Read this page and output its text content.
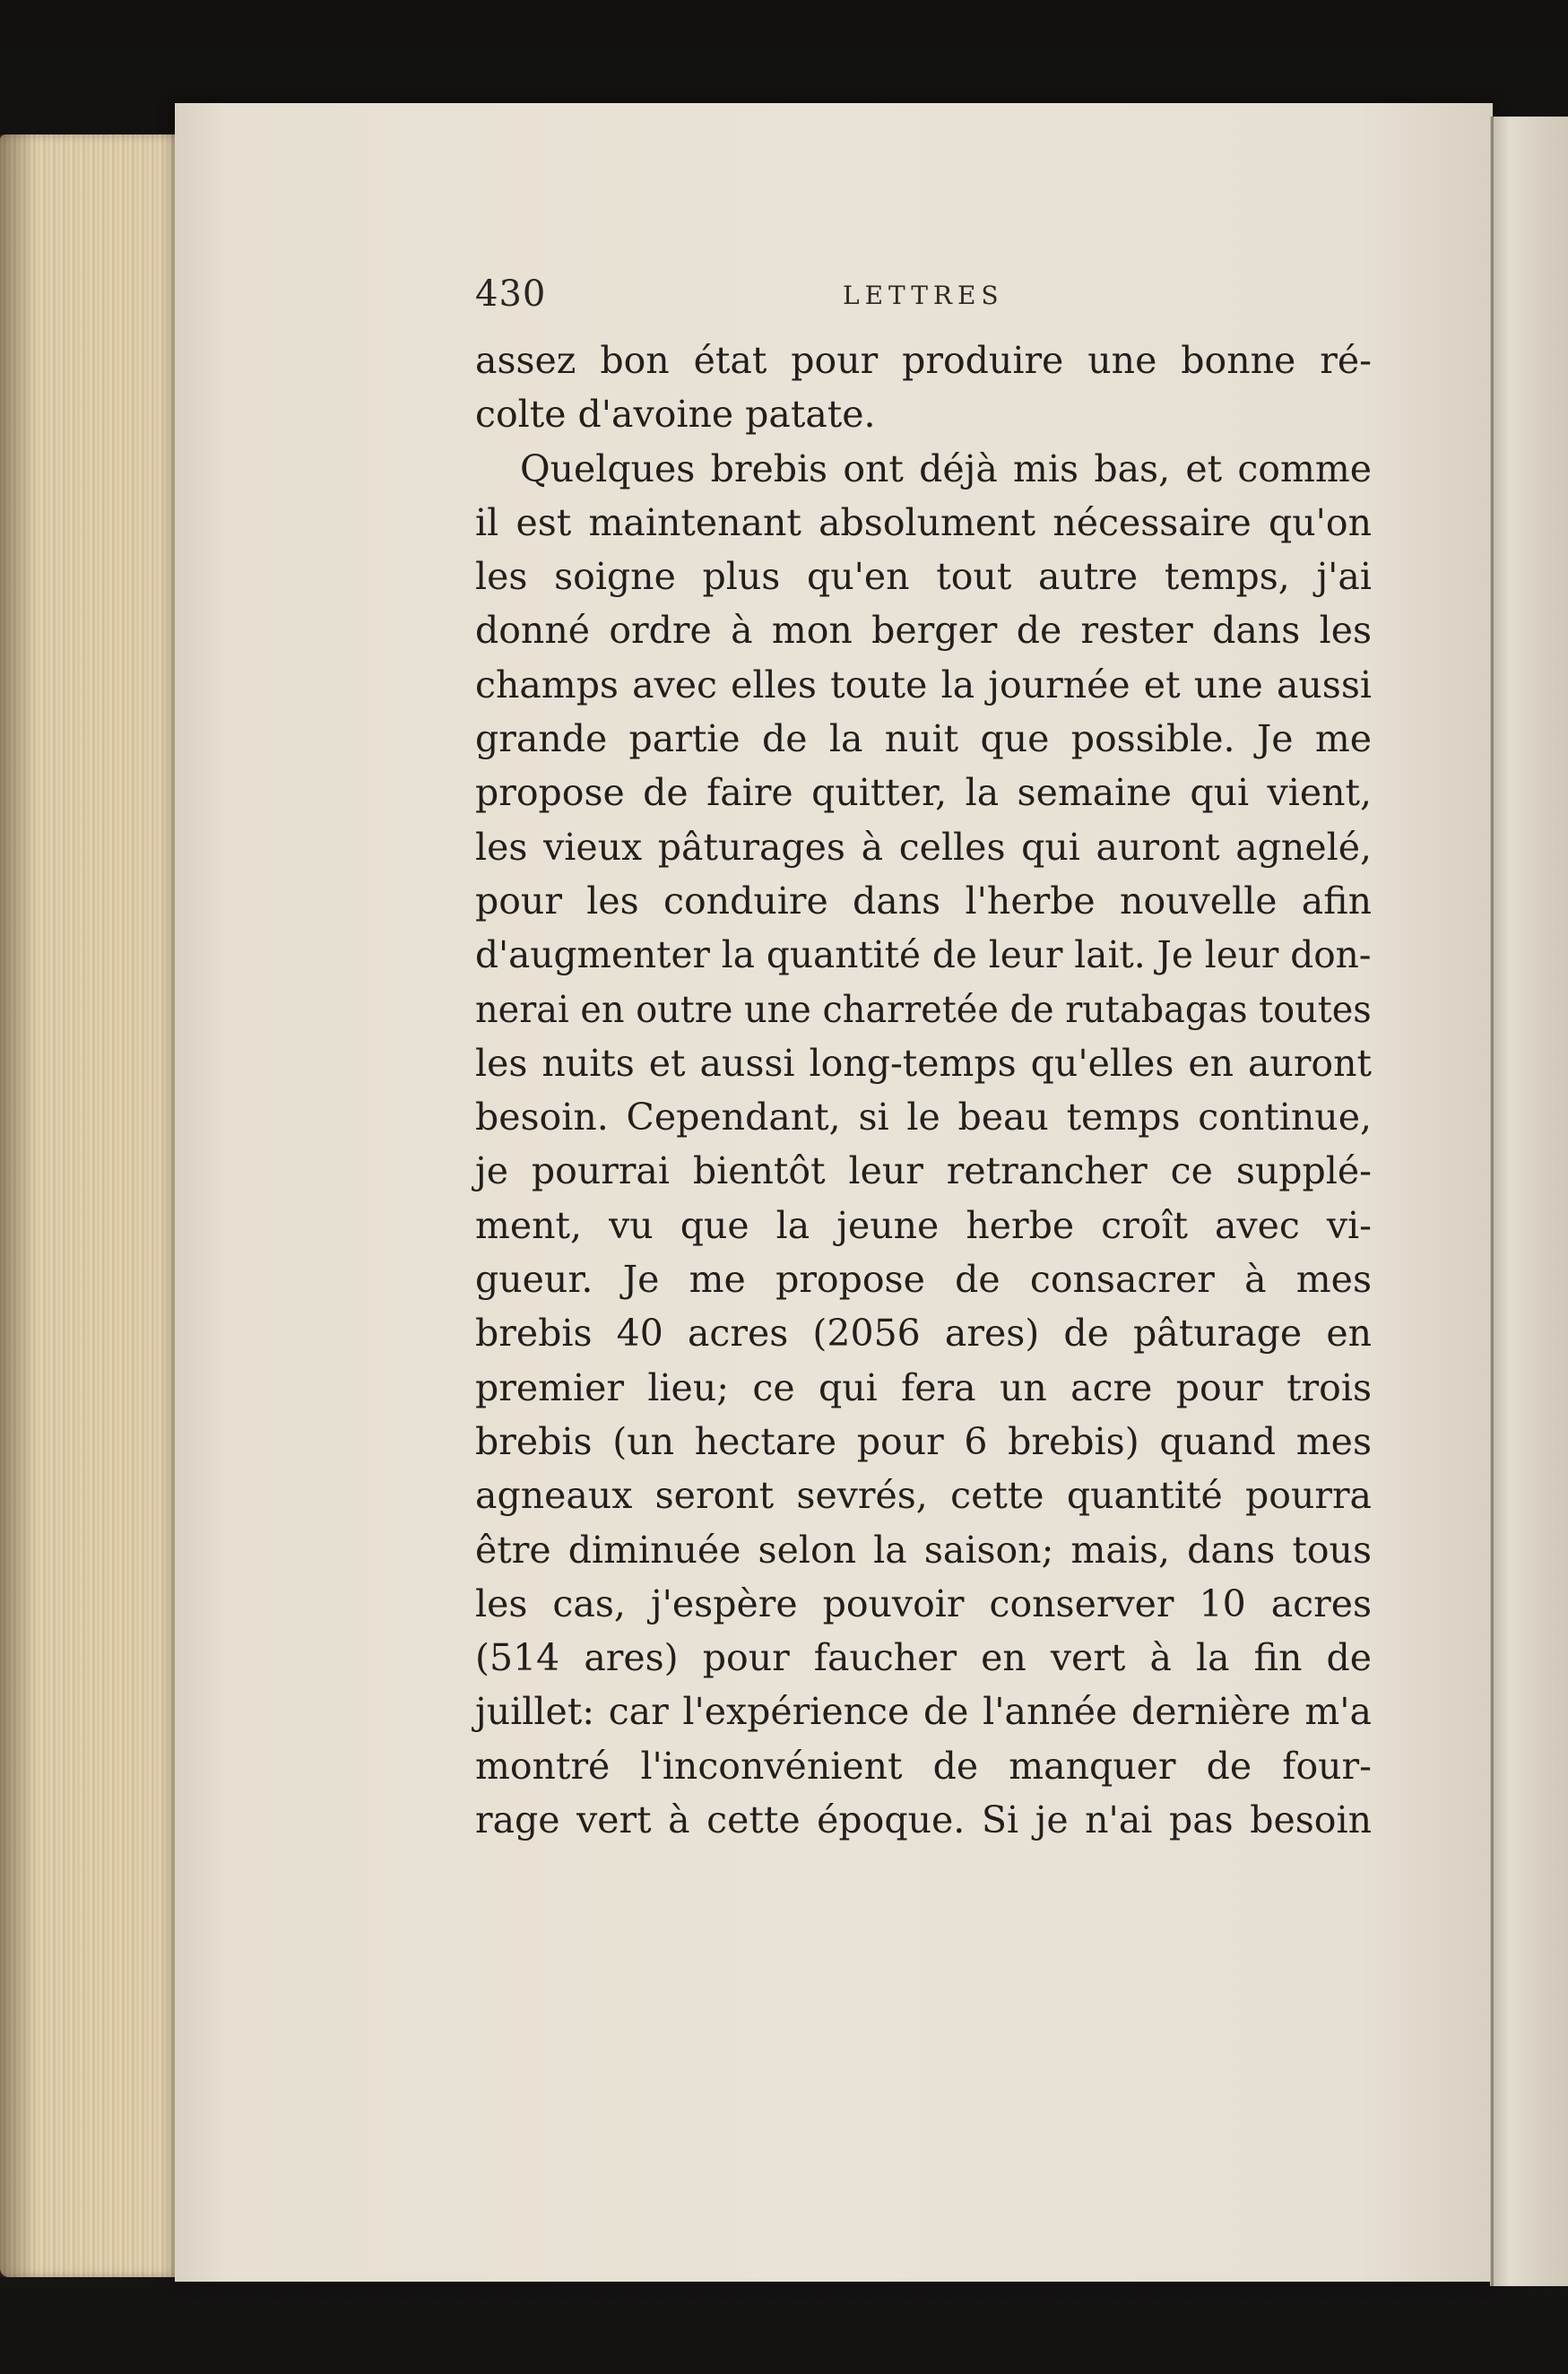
430	LETTRES
assez bon état pour produire une bonne ré-
colte d'avoine patate.
Quelques brebis ont déjà mis bas, et comme
il est maintenant absolument nécessaire qu'on
les soigne plus qu'en tout autre temps, j'ai
donné ordre à mon berger de rester dans les
champs avec elles toute la journée et une aussi
grande partie de la nuit que possible. Je me
propose de faire quitter, la semaine qui vient,
les vieux pâturages à celles qui auront agnelé,
pour les conduire dans l'herbe nouvelle afin
d'augmenter la quantité de leur lait. Je leur don-
nerai en outre une charretée de rutabagas toutes
les nuits et aussi long-temps qu'elles en auront
besoin. Cependant, si le beau temps continue,
je pourrai bientôt leur retrancher ce supplé-
ment, vu que la jeune herbe croît avec vi-
gueur. Je me propose de consacrer à mes
brebis 40 acres (2056 ares) de pâturage en
premier lieu; ce qui fera un acre pour trois
brebis (un hectare pour 6 brebis) quand mes
agneaux seront sevrés, cette quantité pourra
être diminuée selon la saison; mais, dans tous
les cas, j'espère pouvoir conserver 10 acres
(514 ares) pour faucher en vert à la fin de
juillet: car l'expérience de l'année dernière m'a
montré l'inconvénient de manquer de four-
rage vert à cette époque. Si je n'ai pas besoin
